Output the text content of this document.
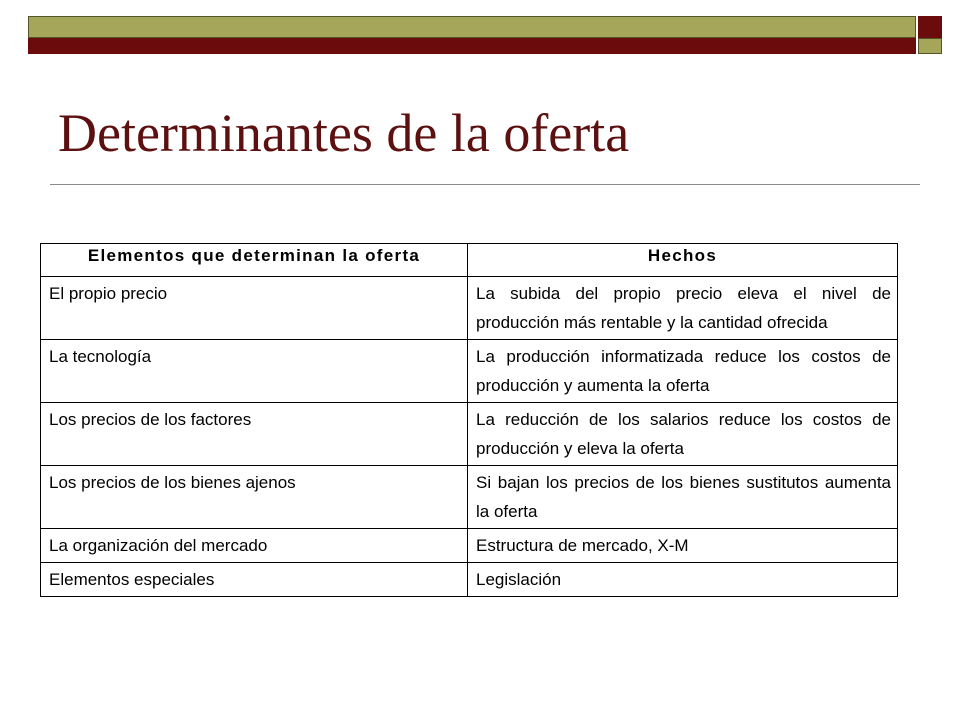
Determinantes de la oferta
Elementos que determinan la oferta	Hechos
El propio precio	La subida del propio precio eleva el nivel de producción más rentable y la cantidad ofrecida
La tecnología	La producción informatizada reduce los costos de producción y aumenta la oferta
Los precios de los factores	La reducción de los salarios reduce los costos de producción y eleva la oferta
Los precios de los bienes ajenos	Si bajan los precios de los bienes sustitutos aumenta la oferta
La organización del mercado	Estructura de mercado, X-M
Elementos especiales	Legislación
